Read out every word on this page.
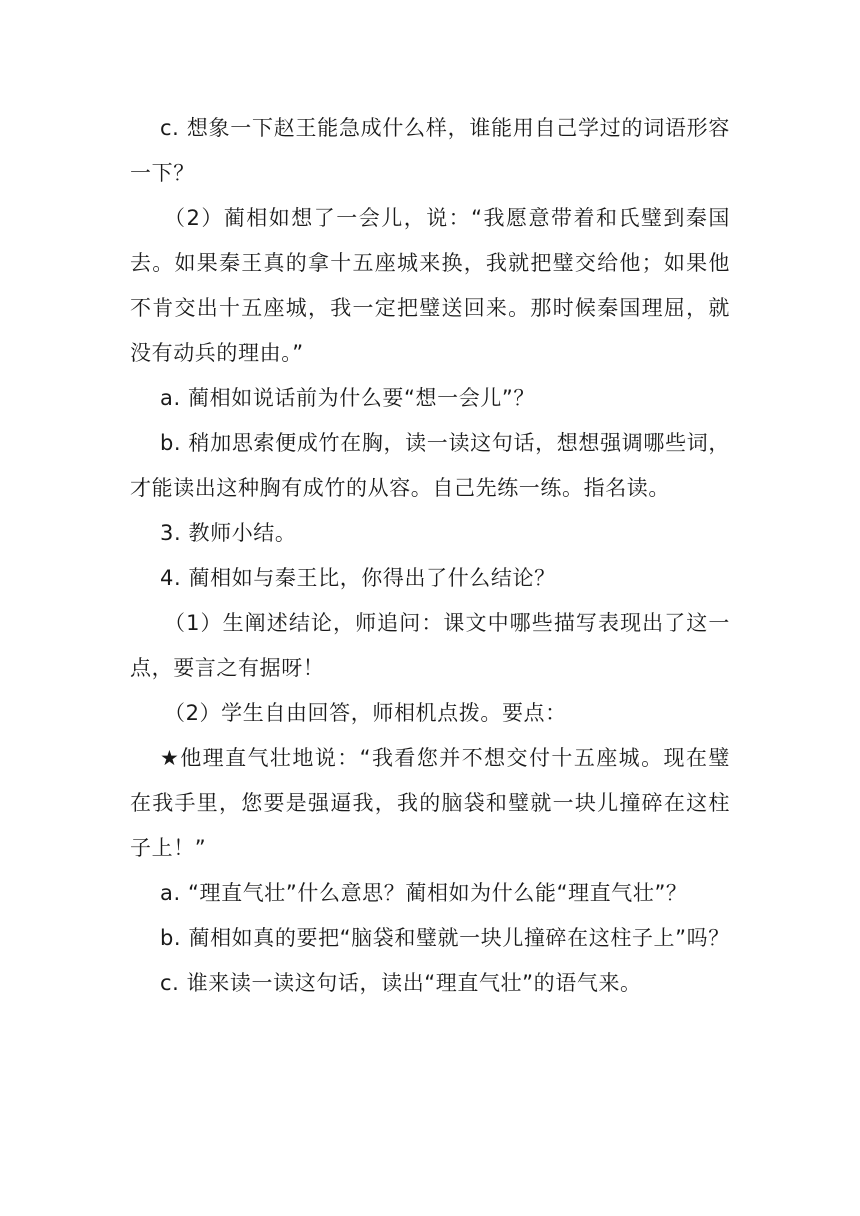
c. 想象一下赵王能急成什么样，谁能用自己学过的词语形容一下？

（2）蔺相如想了一会儿，说：“我愿意带着和氏璧到秦国去。如果秦王真的拿十五座城来换，我就把璧交给他；如果他不肯交出十五座城，我一定把璧送回来。那时候秦国理屈，就没有动兵的理由。”

a. 蔺相如说话前为什么要“想一会儿”？

b. 稍加思索便成竹在胸，读一读这句话，想想强调哪些词，才能读出这种胸有成竹的从容。自己先练一练。指名读。

3. 教师小结。

4. 蔺相如与秦王比，你得出了什么结论？

（1）生阐述结论，师追问：课文中哪些描写表现出了这一点，要言之有据呀！

（2）学生自由回答，师相机点拨。要点：

★他理直气壮地说：“我看您并不想交付十五座城。现在璧在我手里，您要是强逼我，我的脑袋和璧就一块儿撞碎在这柱子上！”

a. “理直气壮”什么意思？蔺相如为什么能“理直气壮”？

b. 蔺相如真的要把“脑袋和璧就一块儿撞碎在这柱子上”吗？

c. 谁来读一读这句话，读出“理直气壮”的语气来。
